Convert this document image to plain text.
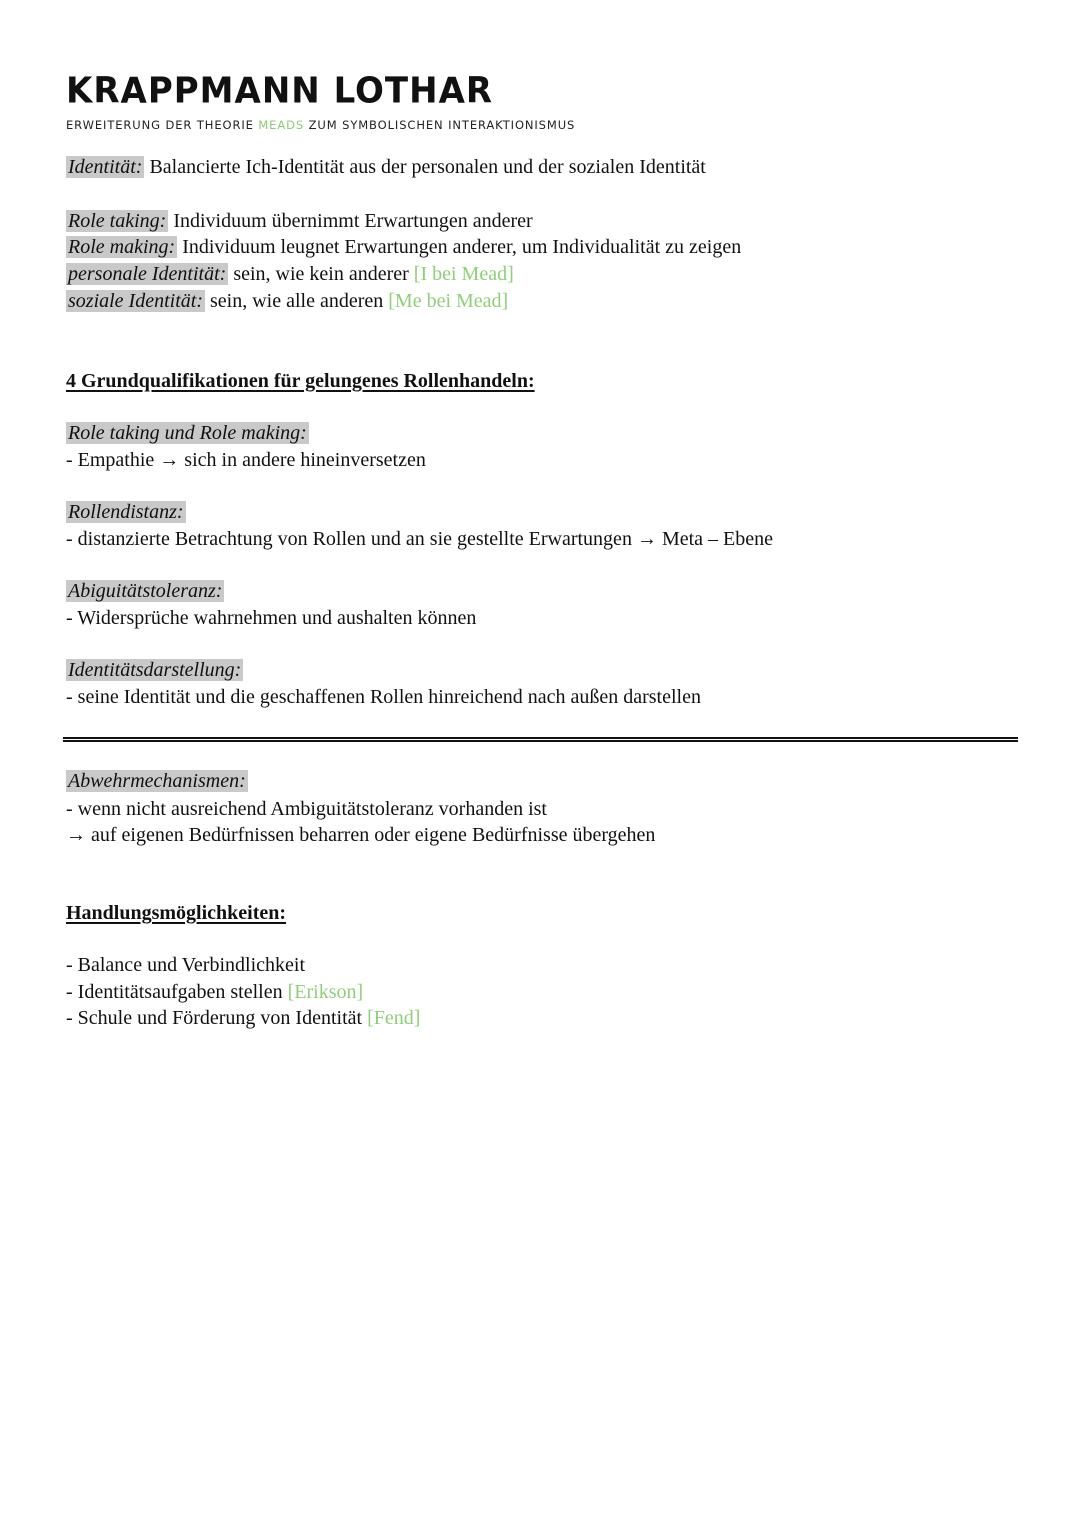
KRAPPMANN LOTHAR
ERWEITERUNG DER THEORIE MEADS ZUM SYMBOLISCHEN INTERAKTIONISMUS
Identität: Balancierte Ich-Identität aus der personalen und der sozialen Identität
Role taking: Individuum übernimmt Erwartungen anderer
Role making: Individuum leugnet Erwartungen anderer, um Individualität zu zeigen
personale Identität: sein, wie kein anderer [I bei Mead]
soziale Identität: sein, wie alle anderen [Me bei Mead]
4 Grundqualifikationen für gelungenes Rollenhandeln:
Role taking und Role making:
- Empathie → sich in andere hineinversetzen
Rollendistanz:
- distanzierte Betrachtung von Rollen und an sie gestellte Erwartungen → Meta – Ebene
Abiguitätstoleranz:
- Widersprüche wahrnehmen und aushalten können
Identitätsdarstellung:
- seine Identität und die geschaffenen Rollen hinreichend nach außen darstellen
Abwehrmechanismen:
- wenn nicht ausreichend Ambiguitätstoleranz vorhanden ist
→ auf eigenen Bedürfnissen beharren oder eigene Bedürfnisse übergehen
Handlungsmöglichkeiten:
- Balance und Verbindlichkeit
- Identitätsaufgaben stellen [Erikson]
- Schule und Förderung von Identität [Fend]
